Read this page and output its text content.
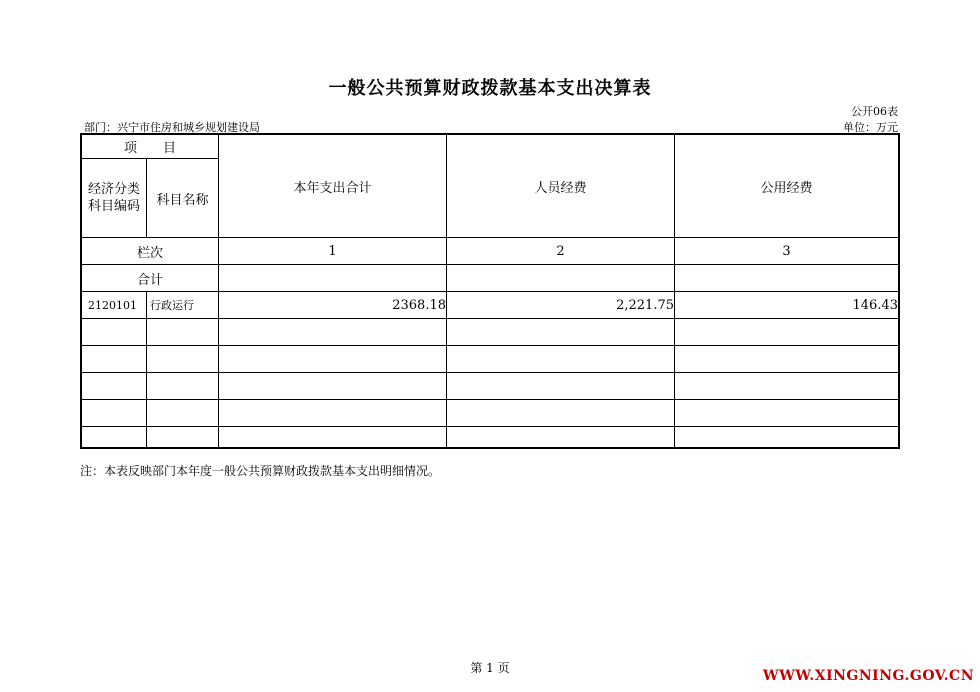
一般公共预算财政拨款基本支出决算表
公开06表
部门：兴宁市住房和城乡规划建设局	单位：万元
项　　目
经济分类
科目编码	科目名称
本年支出合计	人员经费	公用经费
栏次	1	2	3
合计
2120101	行政运行	2368.18	2,221.75	146.43
注：本表反映部门本年度一般公共预算财政拨款基本支出明细情况。
第 1 页	WWW.XINGNING.GOV.CN
